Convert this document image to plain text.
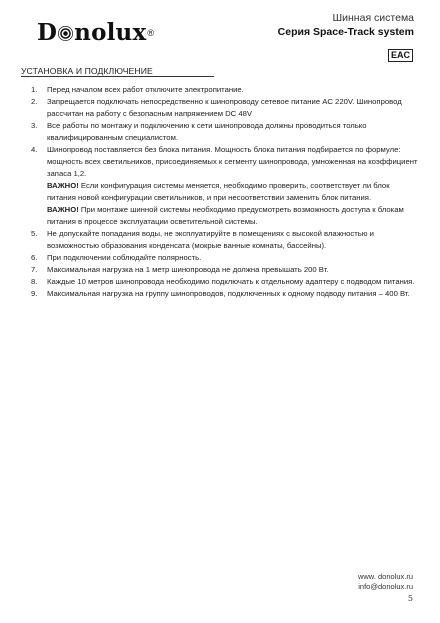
D nolux ®
Шинная система
Серия Space-Track system
EAC
УСТАНОВКА И ПОДКЛЮЧЕНИЕ
1. Перед началом всех работ отключите электропитание.
2. Запрещается подключать непосредственно к шинопроводу сетевое питание AC 220V. Шинопровод рассчитан на работу с безопасным напряжением DC 48V
3. Все работы по монтажу и подключению к сети шинопровода должны проводиться только квалифицированным специалистом.
4. Шинопровод поставляется без блока питания. Мощность блока питания подбирается по формуле: мощность всех светильников, присоединяемых к сегменту шинопровода, умноженная на коэффициент запаса 1,2.
ВАЖНО! Если конфигурация системы меняется, необходимо проверить, соответствует ли блок питания новой конфигурации светильников, и при несоответствии заменить блок питания.
ВАЖНО! При монтаже шинной системы необходимо предусмотреть возможность доступа к блокам питания в процессе эксплуатации осветительной системы.
5. Не допускайте попадания воды, не эксплуатируйте в помещениях с высокой влажностью и возможностью образования конденсата (мокрые ванные комнаты, бассейны).
6. При подключении соблюдайте полярность.
7. Максимальная нагрузка на 1 метр шинопровода не должна превышать 200 Вт.
8. Каждые 10 метров шинопровода необходимо подключать к отдельному адаптеру с подводом питания.
9. Максимальная нагрузка на группу шинопроводов, подключенных к одному подводу питания – 400 Вт.
www. donolux.ru
info@donolux.ru
5
